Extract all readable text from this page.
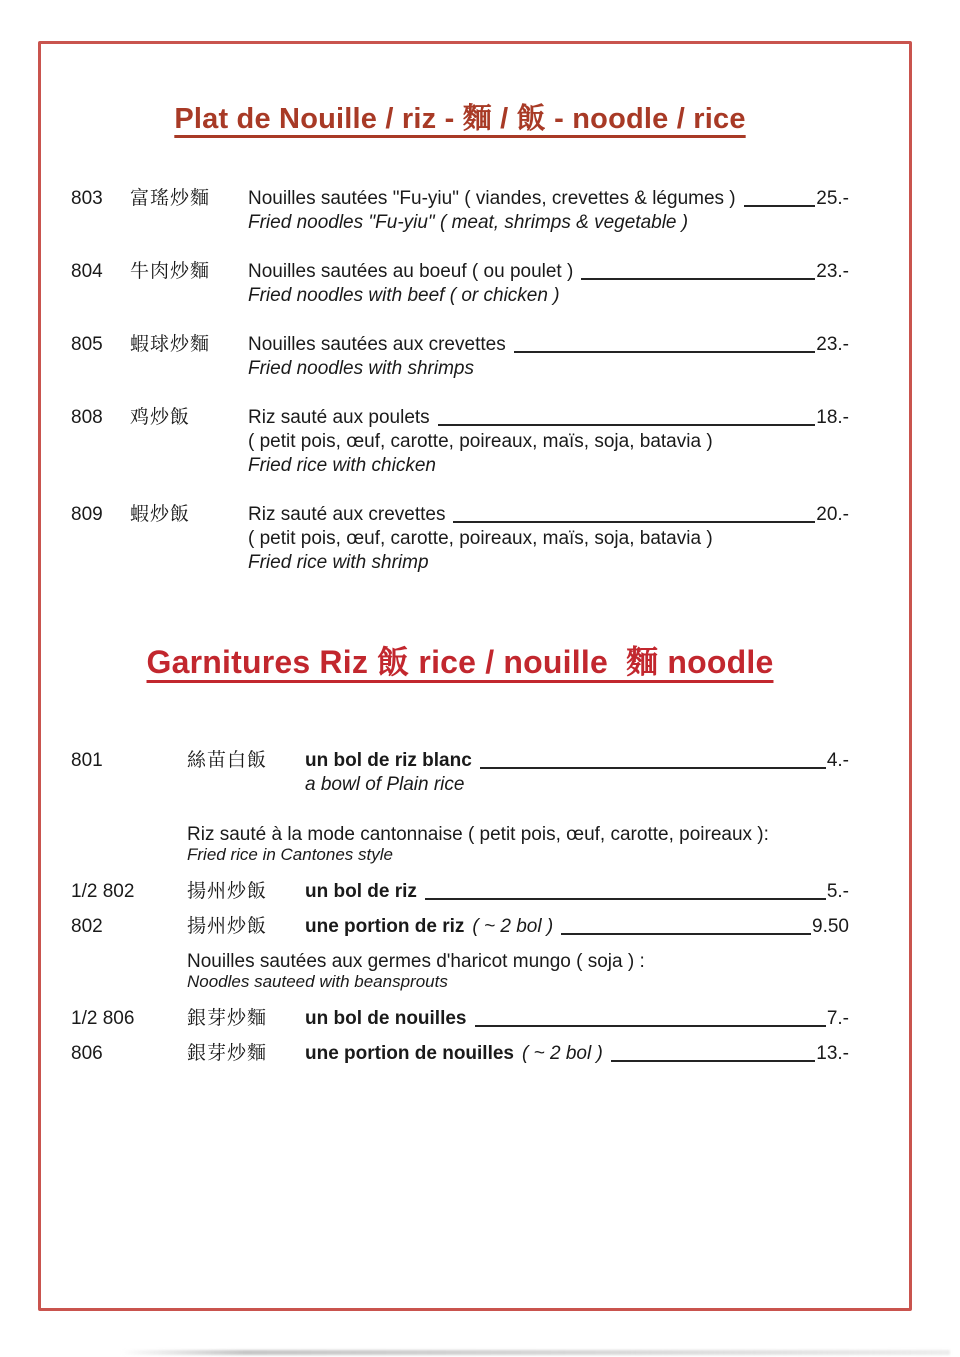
Plat de Nouille / riz - 麵 / 飯 - noodle / rice
803	富瑤炒麵	Nouilles sautées "Fu-yiu" ( viandes, crevettes & légumes )	25.-
Fried noodles "Fu-yiu" ( meat, shrimps & vegetable )
804	牛肉炒麵	Nouilles sautées au boeuf ( ou poulet )	23.-
Fried noodles with beef ( or chicken )
805	蝦球炒麵	Nouilles sautées aux crevettes	23.-
Fried noodles with shrimps
808	鸡炒飯	Riz sauté aux poulets	18.-
( petit pois, œuf, carotte, poireaux, maïs, soja, batavia )
Fried rice with chicken
809	蝦炒飯	Riz sauté aux crevettes	20.-
( petit pois, œuf, carotte, poireaux, maïs, soja, batavia )
Fried rice with shrimp
Garnitures Riz 飯 rice / nouille  麵 noodle
801	絲苗白飯	un bol de riz blanc	4.-
a bowl of Plain rice
Riz sauté à la mode cantonnaise ( petit pois, œuf, carotte, poireaux ):
Fried rice in Cantones style
1/2 802	揚州炒飯	un bol de riz	5.-
802	揚州炒飯	une portion de riz ( ~ 2 bol )	9.50
Nouilles sautées aux germes d'haricot mungo ( soja ) :
Noodles sauteed with beansprouts
1/2 806	銀芽炒麵	un bol de nouilles	7.-
806	銀芽炒麵	une portion de nouilles ( ~ 2 bol )	13.-
